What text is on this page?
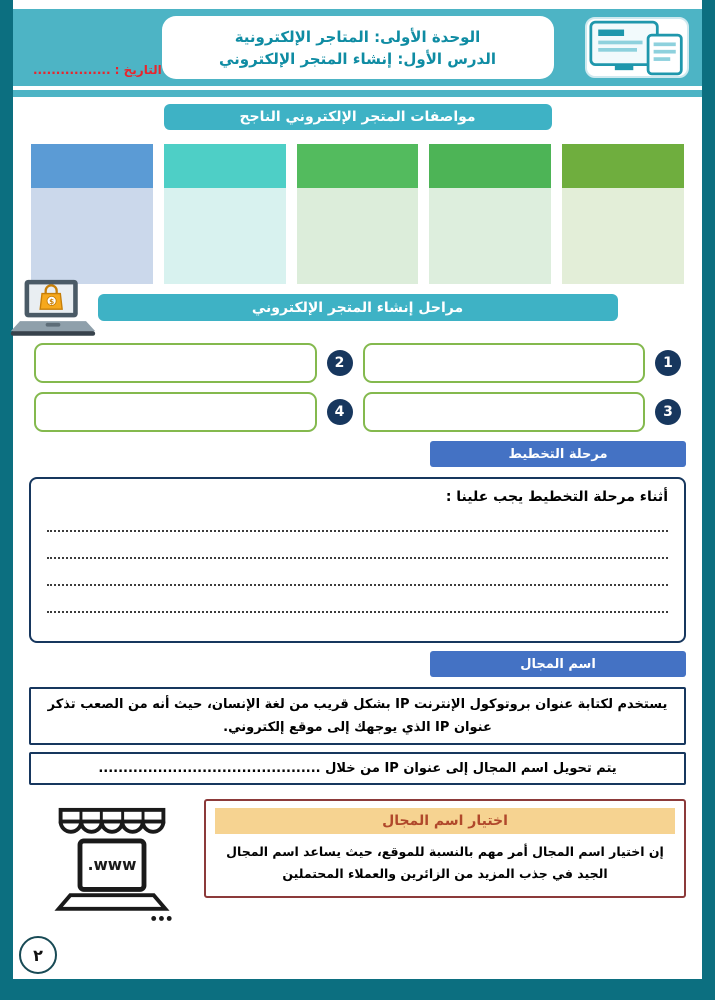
التاريخ : .................
الوحدة الأولى: المتاجر الإلكترونية
الدرس الأول: إنشاء المتجر الإلكتروني
مواصفات المتجر الإلكتروني الناجح
$	مراحل إنشاء المتجر الإلكتروني
1
2
3
4
مرحلة التخطيط
أثناء مرحلة التخطيط يجب علينا :
اسم المجال
يستخدم لكتابة عنوان بروتوكول الإنترنت IP بشكل قريب من لغة الإنسان، حيث أنه من الصعب تذكر عنوان IP الذي يوجهك إلى موقع إلكتروني.
يتم تحويل اسم المجال إلى عنوان IP من خلال .............................................
www.
اختيار اسم المجال
إن اختيار اسم المجال أمر مهم بالنسبة للموقع، حيث يساعد اسم المجال الجيد في جذب المزيد من الزائرين والعملاء المحتملين
٢
